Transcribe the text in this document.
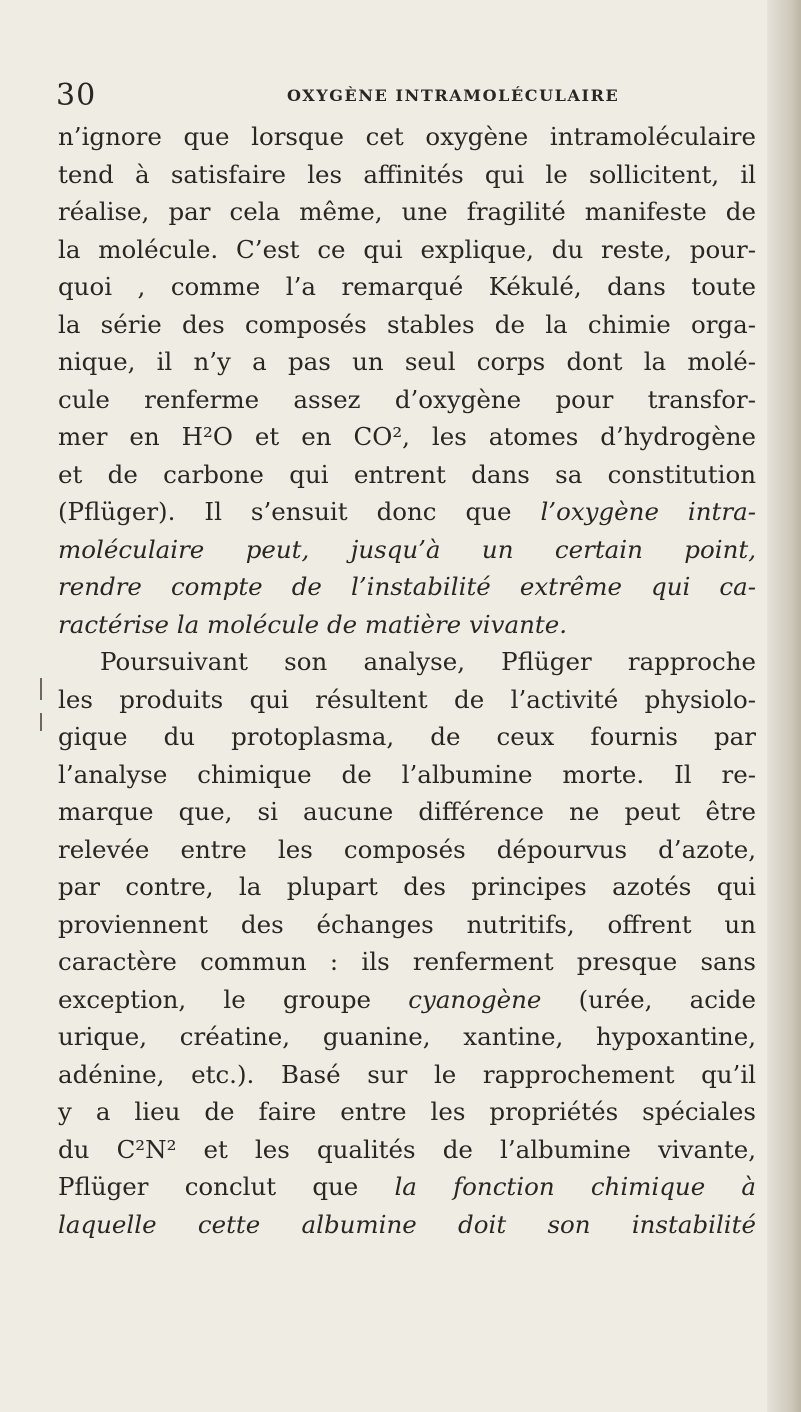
30	OXYGÈNE INTRAMOLÉCULAIRE
n’ignore que lorsque cet oxygène intramoléculaire
tend à satisfaire les affinités qui le sollicitent, il
réalise, par cela même, une fragilité manifeste de
la molécule. C’est ce qui explique, du reste, pour-
quoi , comme l’a remarqué Kékulé, dans toute
la série des composés stables de la chimie orga-
nique, il n’y a pas un seul corps dont la molé-
cule renferme assez d’oxygène pour transfor-
mer en H²O et en CO², les atomes d’hydrogène
et de carbone qui entrent dans sa constitution
(Pflüger). Il s’ensuit donc que l’oxygène intra-
moléculaire peut, jusqu’à un certain point,
rendre compte de l’instabilité extrême qui ca-
ractérise la molécule de matière vivante.
Poursuivant son analyse, Pflüger rapproche
les produits qui résultent de l’activité physiolo-
gique du protoplasma, de ceux fournis par
l’analyse chimique de l’albumine morte. Il re-
marque que, si aucune différence ne peut être
relevée entre les composés dépourvus d’azote,
par contre, la plupart des principes azotés qui
proviennent des échanges nutritifs, offrent un
caractère commun : ils renferment presque sans
exception, le groupe cyanogène (urée, acide
urique, créatine, guanine, xantine, hypoxantine,
adénine, etc.). Basé sur le rapprochement qu’il
y a lieu de faire entre les propriétés spéciales
du C²N² et les qualités de l’albumine vivante,
Pflüger conclut que la fonction chimique à
laquelle cette albumine doit son instabilité
